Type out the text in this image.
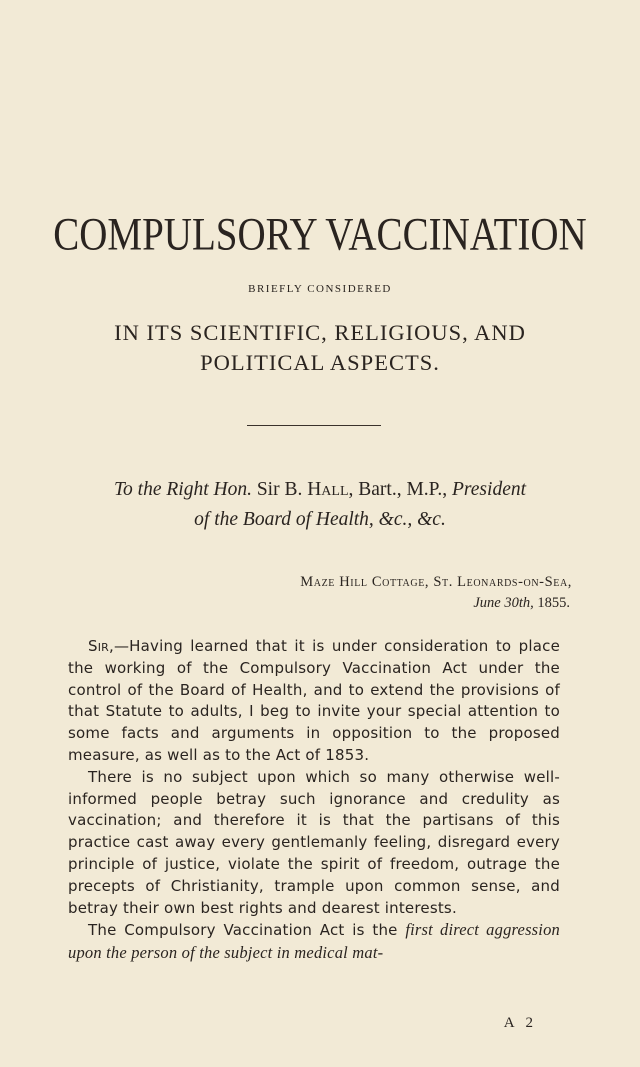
COMPULSORY VACCINATION
BRIEFLY CONSIDERED
IN ITS SCIENTIFIC, RELIGIOUS, AND
POLITICAL ASPECTS.
To the Right Hon. Sir B. Hall, Bart., M.P., President
of the Board of Health, &c., &c.
Maze Hill Cottage, St. Leonards-on-Sea,
June 30th, 1855.

Sir,—Having learned that it is under consideration to place the working of the Compulsory Vaccination Act under the control of the Board of Health, and to extend the provisions of that Statute to adults, I beg to invite your special attention to some facts and arguments in opposition to the proposed measure, as well as to the Act of 1853.

There is no subject upon which so many otherwise well-informed people betray such ignorance and credulity as vaccination; and therefore it is that the partisans of this practice cast away every gentlemanly feeling, disregard every principle of justice, violate the spirit of freedom, outrage the precepts of Christianity, trample upon common sense, and betray their own best rights and dearest interests.

The Compulsory Vaccination Act is the first direct aggression upon the person of the subject in medical mat-

A 2
